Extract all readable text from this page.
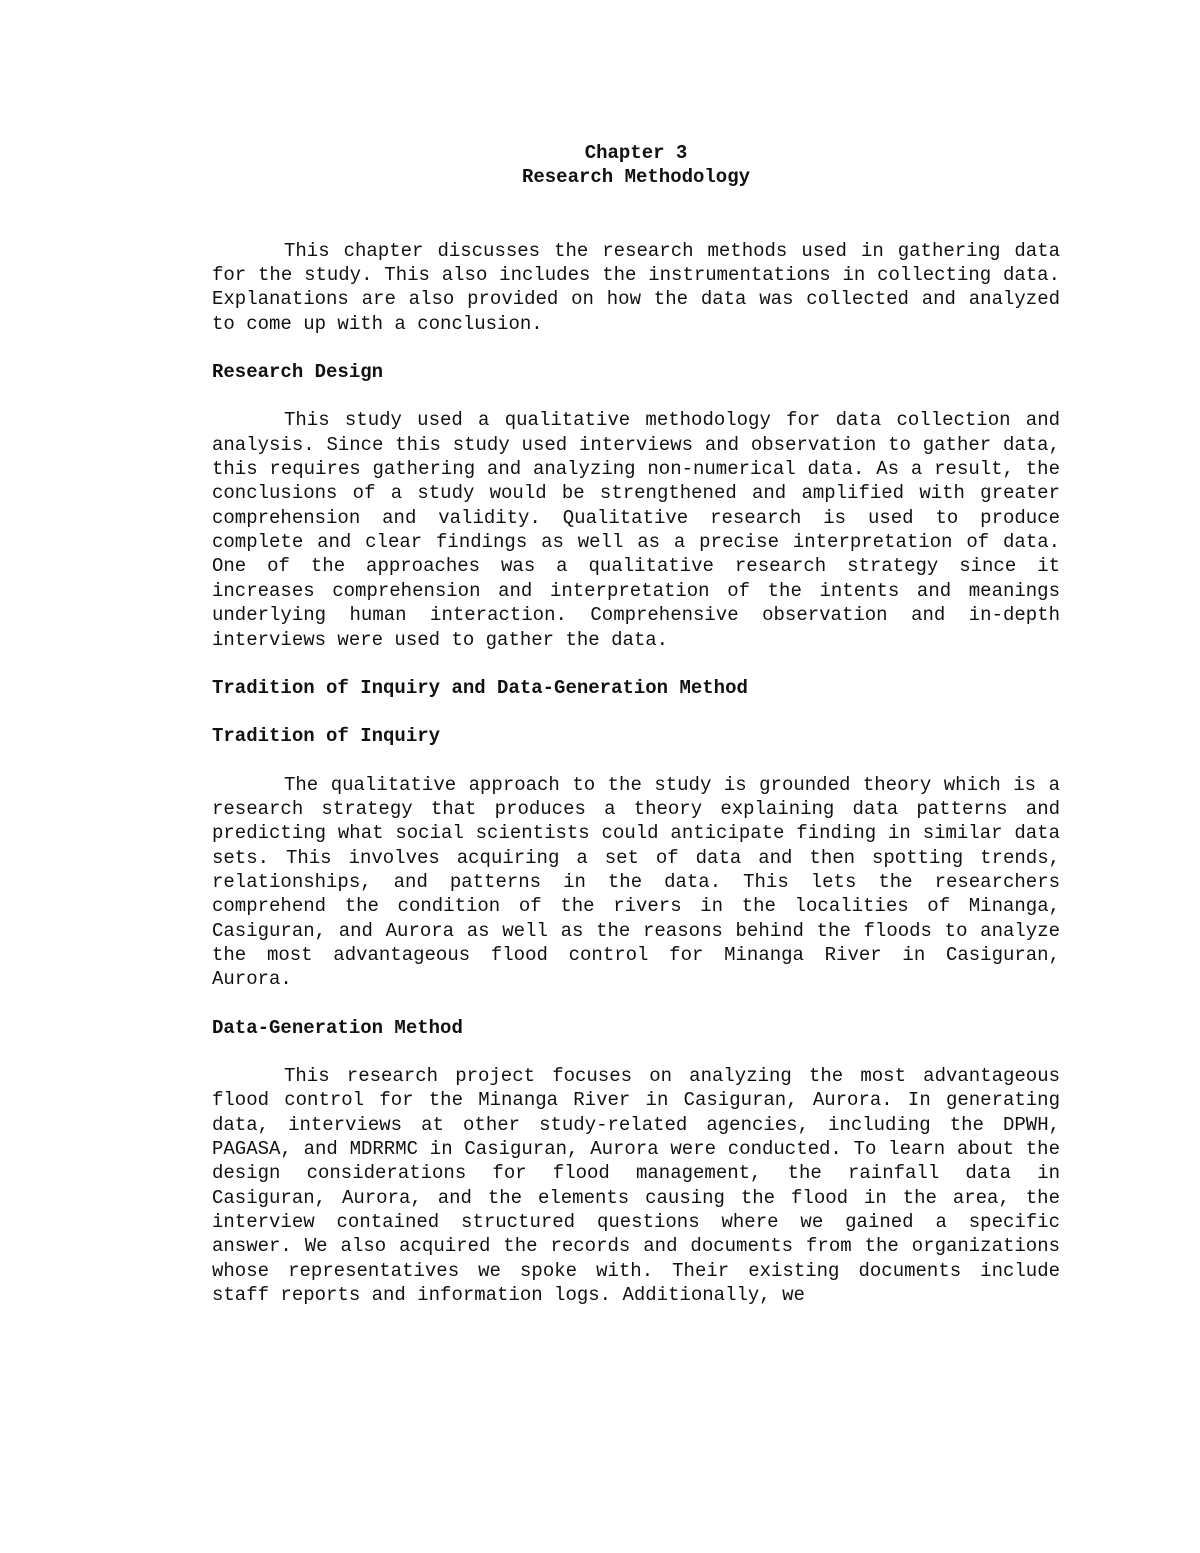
Chapter 3

Research Methodology

This chapter discusses the research methods used in gathering data for the study. This also includes the instrumentations in collecting data. Explanations are also provided on how the data was collected and analyzed to come up with a conclusion.

Research Design

This study used a qualitative methodology for data collection and analysis. Since this study used interviews and observation to gather data, this requires gathering and analyzing non-numerical data. As a result, the conclusions of a study would be strengthened and amplified with greater comprehension and validity. Qualitative research is used to produce complete and clear findings as well as a precise interpretation of data. One of the approaches was a qualitative research strategy since it increases comprehension and interpretation of the intents and meanings underlying human interaction. Comprehensive observation and in-depth interviews were used to gather the data.

Tradition of Inquiry and Data-Generation Method

Tradition of Inquiry

The qualitative approach to the study is grounded theory which is a research strategy that produces a theory explaining data patterns and predicting what social scientists could anticipate finding in similar data sets. This involves acquiring a set of data and then spotting trends, relationships, and patterns in the data. This lets the researchers comprehend the condition of the rivers in the localities of Minanga, Casiguran, and Aurora as well as the reasons behind the floods to analyze the most advantageous flood control for Minanga River in Casiguran, Aurora.

Data-Generation Method

This research project focuses on analyzing the most advantageous flood control for the Minanga River in Casiguran, Aurora. In generating data, interviews at other study-related agencies, including the DPWH, PAGASA, and MDRRMC in Casiguran, Aurora were conducted. To learn about the design considerations for flood management, the rainfall data in Casiguran, Aurora, and the elements causing the flood in the area, the interview contained structured questions where we gained a specific answer. We also acquired the records and documents from the organizations whose representatives we spoke with. Their existing documents include staff reports and information logs. Additionally, we
